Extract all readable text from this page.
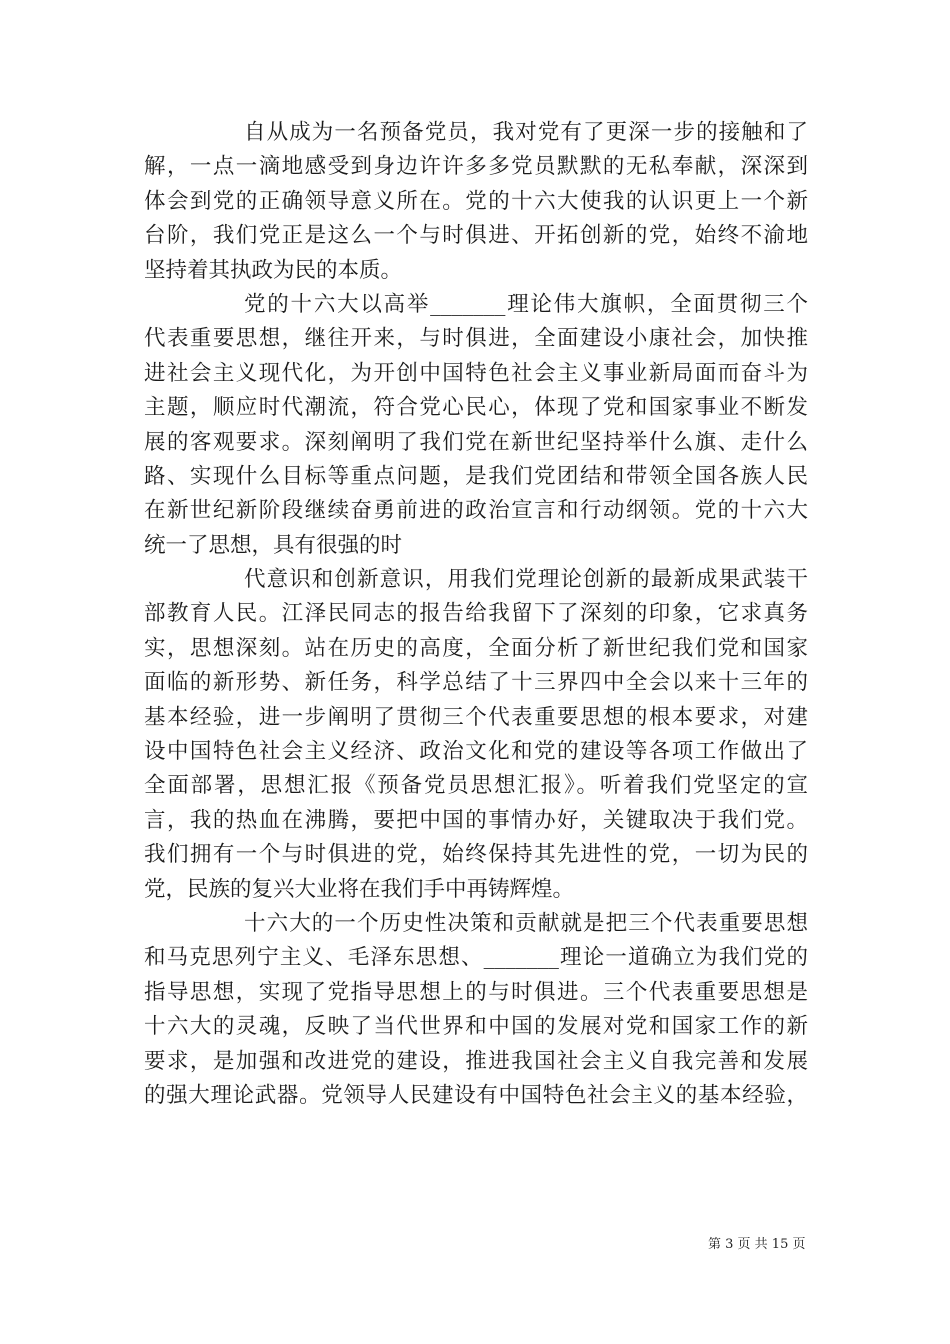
自从成为一名预备党员，我对党有了更深一步的接触和了
解，一点一滴地感受到身边许许多多党员默默的无私奉献，深深到
体会到党的正确领导意义所在。党的十六大使我的认识更上一个新
台阶，我们党正是这么一个与时俱进、开拓创新的党，始终不渝地
坚持着其执政为民的本质。
党的十六大以高举_______理论伟大旗帜，全面贯彻三个
代表重要思想，继往开来，与时俱进，全面建设小康社会，加快推
进社会主义现代化，为开创中国特色社会主义事业新局面而奋斗为
主题，顺应时代潮流，符合党心民心，体现了党和国家事业不断发
展的客观要求。深刻阐明了我们党在新世纪坚持举什么旗、走什么
路、实现什么目标等重点问题，是我们党团结和带领全国各族人民
在新世纪新阶段继续奋勇前进的政治宣言和行动纲领。党的十六大
统一了思想，具有很强的时
代意识和创新意识，用我们党理论创新的最新成果武装干
部教育人民。江泽民同志的报告给我留下了深刻的印象，它求真务
实，思想深刻。站在历史的高度，全面分析了新世纪我们党和国家
面临的新形势、新任务，科学总结了十三界四中全会以来十三年的
基本经验，进一步阐明了贯彻三个代表重要思想的根本要求，对建
设中国特色社会主义经济、政治文化和党的建设等各项工作做出了
全面部署，思想汇报《预备党员思想汇报》。听着我们党坚定的宣
言，我的热血在沸腾，要把中国的事情办好，关键取决于我们党。
我们拥有一个与时俱进的党，始终保持其先进性的党，一切为民的
党，民族的复兴大业将在我们手中再铸辉煌。
十六大的一个历史性决策和贡献就是把三个代表重要思想
和马克思列宁主义、毛泽东思想、_______理论一道确立为我们党的
指导思想，实现了党指导思想上的与时俱进。三个代表重要思想是
十六大的灵魂，反映了当代世界和中国的发展对党和国家工作的新
要求，是加强和改进党的建设，推进我国社会主义自我完善和发展
的强大理论武器。党领导人民建设有中国特色社会主义的基本经验，
第 3 页 共 15 页
